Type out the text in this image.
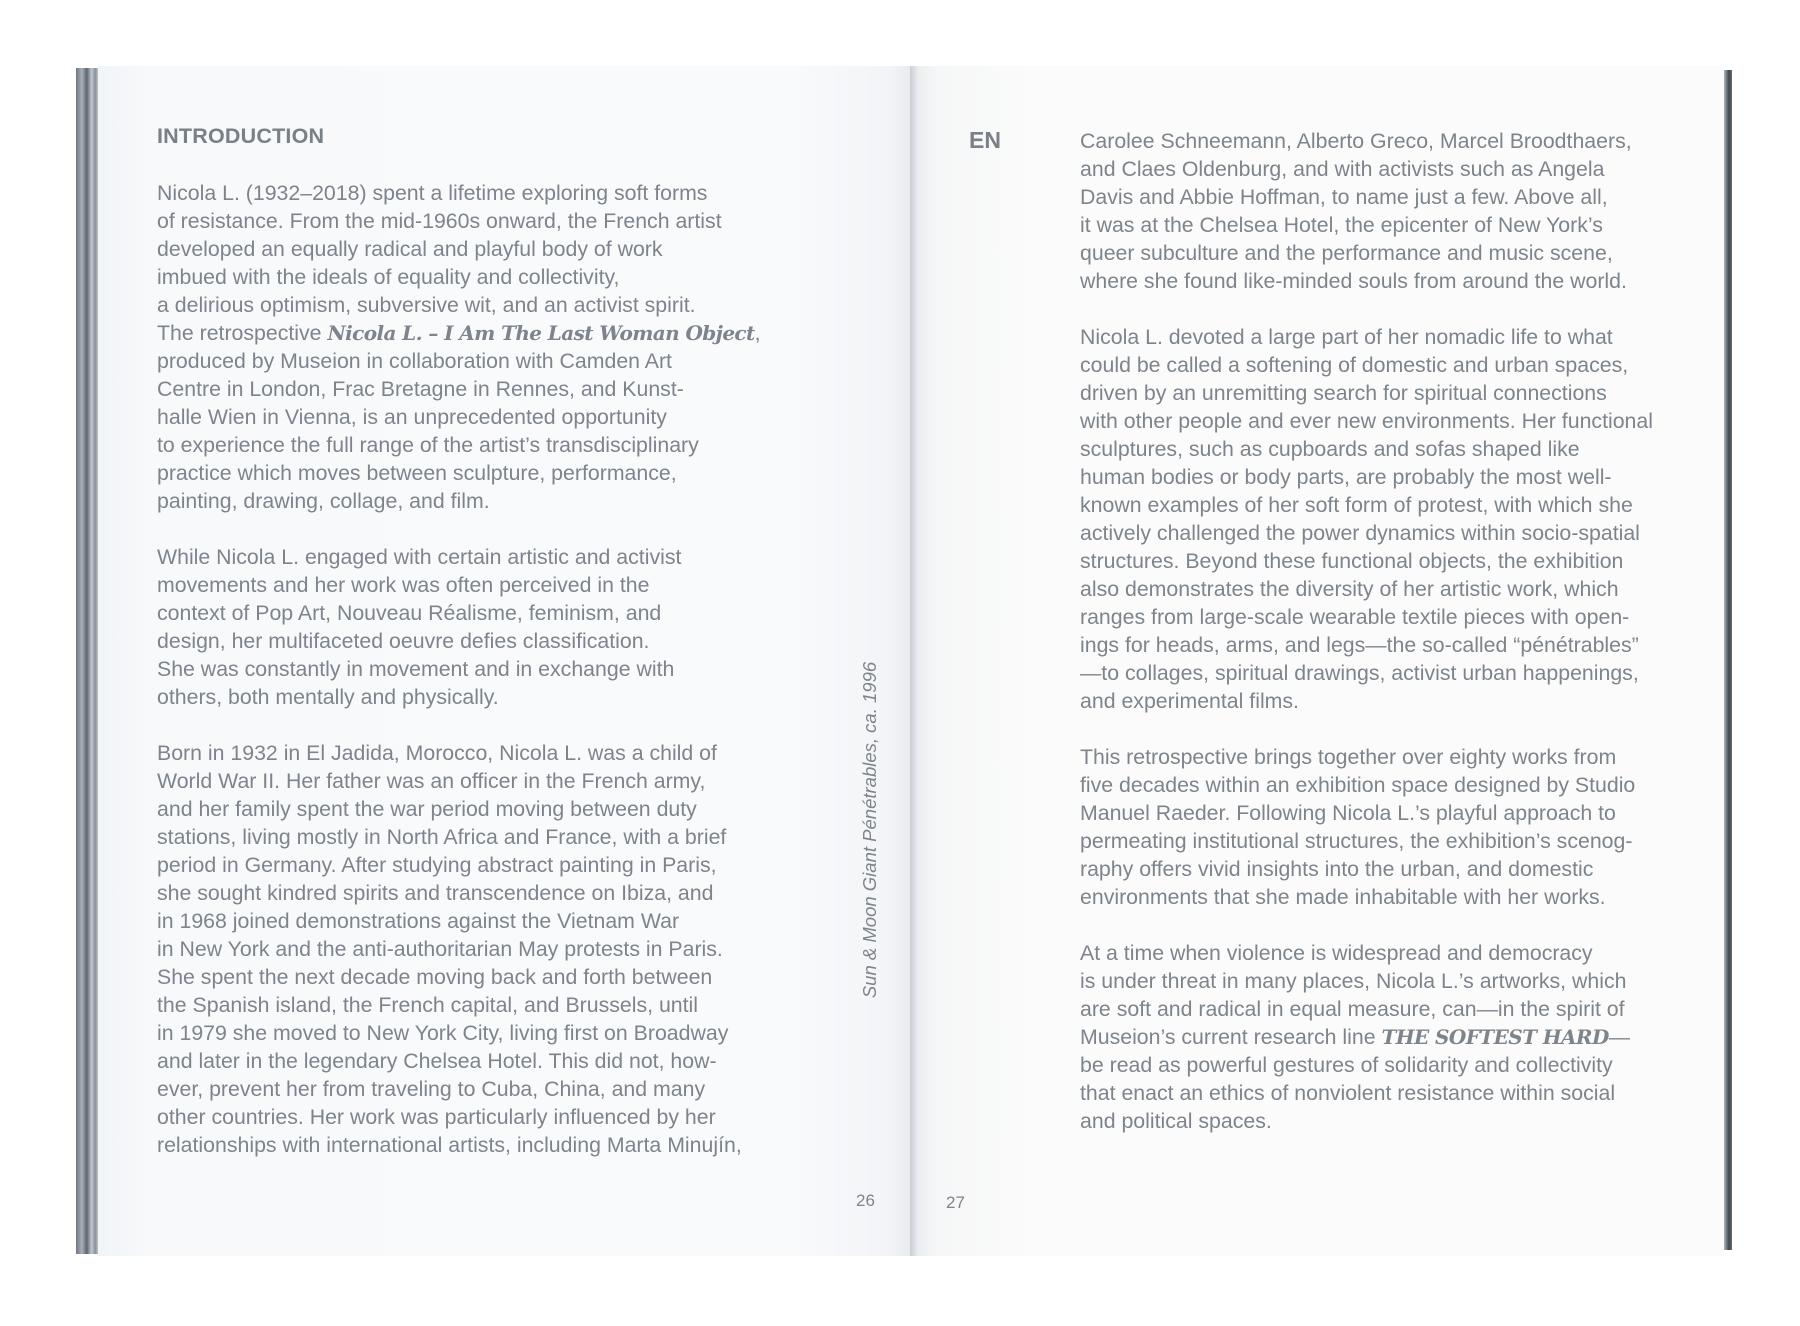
INTRODUCTION

Nicola L. (1932–2018) spent a lifetime exploring soft forms
of resistance. From the mid-1960s onward, the French artist
developed an equally radical and playful body of work
imbued with the ideals of equality and collectivity,
a delirious optimism, subversive wit, and an activist spirit.
The retrospective Nicola L. – I Am The Last Woman Object,
produced by Museion in collaboration with Camden Art
Centre in London, Frac Bretagne in Rennes, and Kunst-
halle Wien in Vienna, is an unprecedented opportunity
to experience the full range of the artist’s transdisciplinary
practice which moves between sculpture, performance,
painting, drawing, collage, and film.

While Nicola L. engaged with certain artistic and activist
movements and her work was often perceived in the
context of Pop Art, Nouveau Réalisme, feminism, and
design, her multifaceted oeuvre defies classification.
She was constantly in movement and in exchange with
others, both mentally and physically.

Born in 1932 in El Jadida, Morocco, Nicola L. was a child of
World War II. Her father was an officer in the French army,
and her family spent the war period moving between duty
stations, living mostly in North Africa and France, with a brief
period in Germany. After studying abstract painting in Paris,
she sought kindred spirits and transcendence on Ibiza, and
in 1968 joined demonstrations against the Vietnam War
in New York and the anti-authoritarian May protests in Paris.
She spent the next decade moving back and forth between
the Spanish island, the French capital, and Brussels, until
in 1979 she moved to New York City, living first on Broadway
and later in the legendary Chelsea Hotel. This did not, how-
ever, prevent her from traveling to Cuba, China, and many
other countries. Her work was particularly influenced by her
relationships with international artists, including Marta Minujín,

Sun & Moon Giant Pénétrables, ca. 1996
26
EN	Carolee Schneemann, Alberto Greco, Marcel Broodthaers,
and Claes Oldenburg, and with activists such as Angela
Davis and Abbie Hoffman, to name just a few. Above all,
it was at the Chelsea Hotel, the epicenter of New York’s
queer subculture and the performance and music scene,
where she found like-minded souls from around the world.

Nicola L. devoted a large part of her nomadic life to what
could be called a softening of domestic and urban spaces,
driven by an unremitting search for spiritual connections
with other people and ever new environments. Her functional
sculptures, such as cupboards and sofas shaped like
human bodies or body parts, are probably the most well-
known examples of her soft form of protest, with which she
actively challenged the power dynamics within socio-spatial
structures. Beyond these functional objects, the exhibition
also demonstrates the diversity of her artistic work, which
ranges from large-scale wearable textile pieces with open-
ings for heads, arms, and legs—the so-called “pénétrables”
—to collages, spiritual drawings, activist urban happenings,
and experimental films.

This retrospective brings together over eighty works from
five decades within an exhibition space designed by Studio
Manuel Raeder. Following Nicola L.’s playful approach to
permeating institutional structures, the exhibition’s scenog-
raphy offers vivid insights into the urban, and domestic
environments that she made inhabitable with her works.

At a time when violence is widespread and democracy
is under threat in many places, Nicola L.’s artworks, which
are soft and radical in equal measure, can—in the spirit of
Museion’s current research line THE SOFTEST HARD—
be read as powerful gestures of solidarity and collectivity
that enact an ethics of nonviolent resistance within social
and political spaces.

27
